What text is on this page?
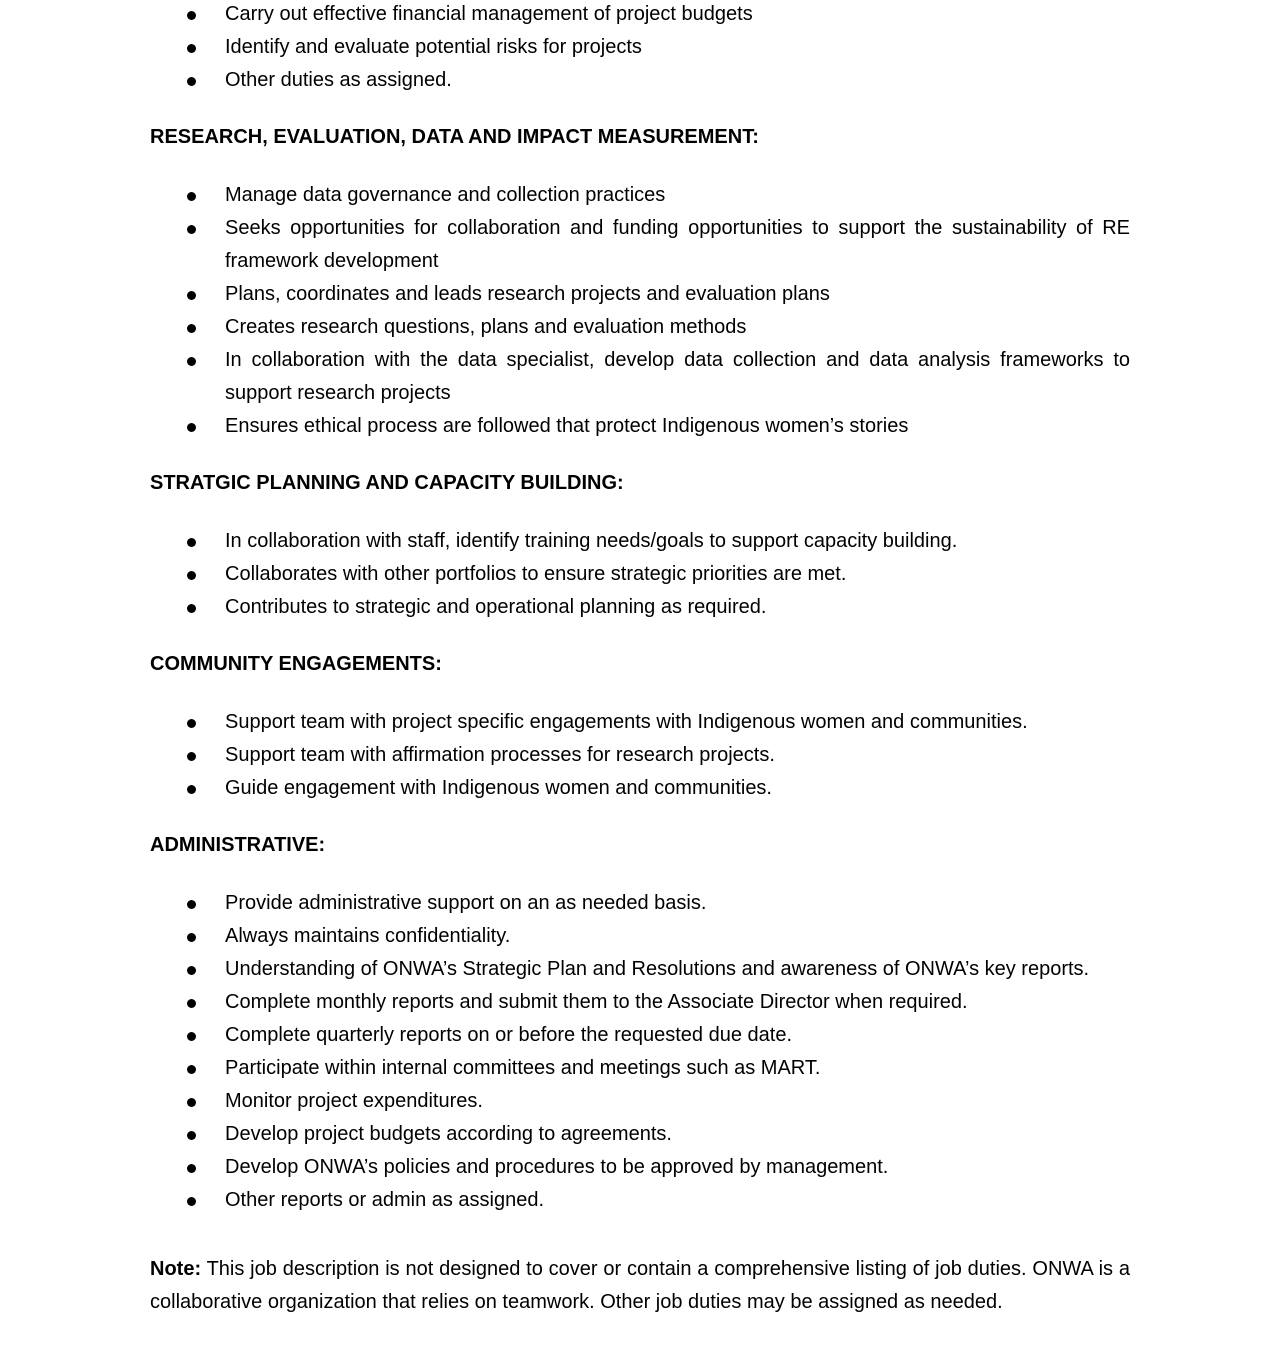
Carry out effective financial management of project budgets
Identify and evaluate potential risks for projects
Other duties as assigned.

RESEARCH, EVALUATION, DATA AND IMPACT MEASUREMENT:

Manage data governance and collection practices
Seeks opportunities for collaboration and funding opportunities to support the sustainability of RE framework development
Plans, coordinates and leads research projects and evaluation plans
Creates research questions, plans and evaluation methods
In collaboration with the data specialist, develop data collection and data analysis frameworks to support research projects
Ensures ethical process are followed that protect Indigenous women’s stories

STRATGIC PLANNING AND CAPACITY BUILDING:

In collaboration with staff, identify training needs/goals to support capacity building.
Collaborates with other portfolios to ensure strategic priorities are met.
Contributes to strategic and operational planning as required.

COMMUNITY ENGAGEMENTS:

Support team with project specific engagements with Indigenous women and communities.
Support team with affirmation processes for research projects.
Guide engagement with Indigenous women and communities.

ADMINISTRATIVE:

Provide administrative support on an as needed basis.
Always maintains confidentiality.
Understanding of ONWA’s Strategic Plan and Resolutions and awareness of ONWA’s key reports.
Complete monthly reports and submit them to the Associate Director when required.
Complete quarterly reports on or before the requested due date.
Participate within internal committees and meetings such as MART.
Monitor project expenditures.
Develop project budgets according to agreements.
Develop ONWA’s policies and procedures to be approved by management.
Other reports or admin as assigned.

Note: This job description is not designed to cover or contain a comprehensive listing of job duties. ONWA is a collaborative organization that relies on teamwork. Other job duties may be assigned as needed.
